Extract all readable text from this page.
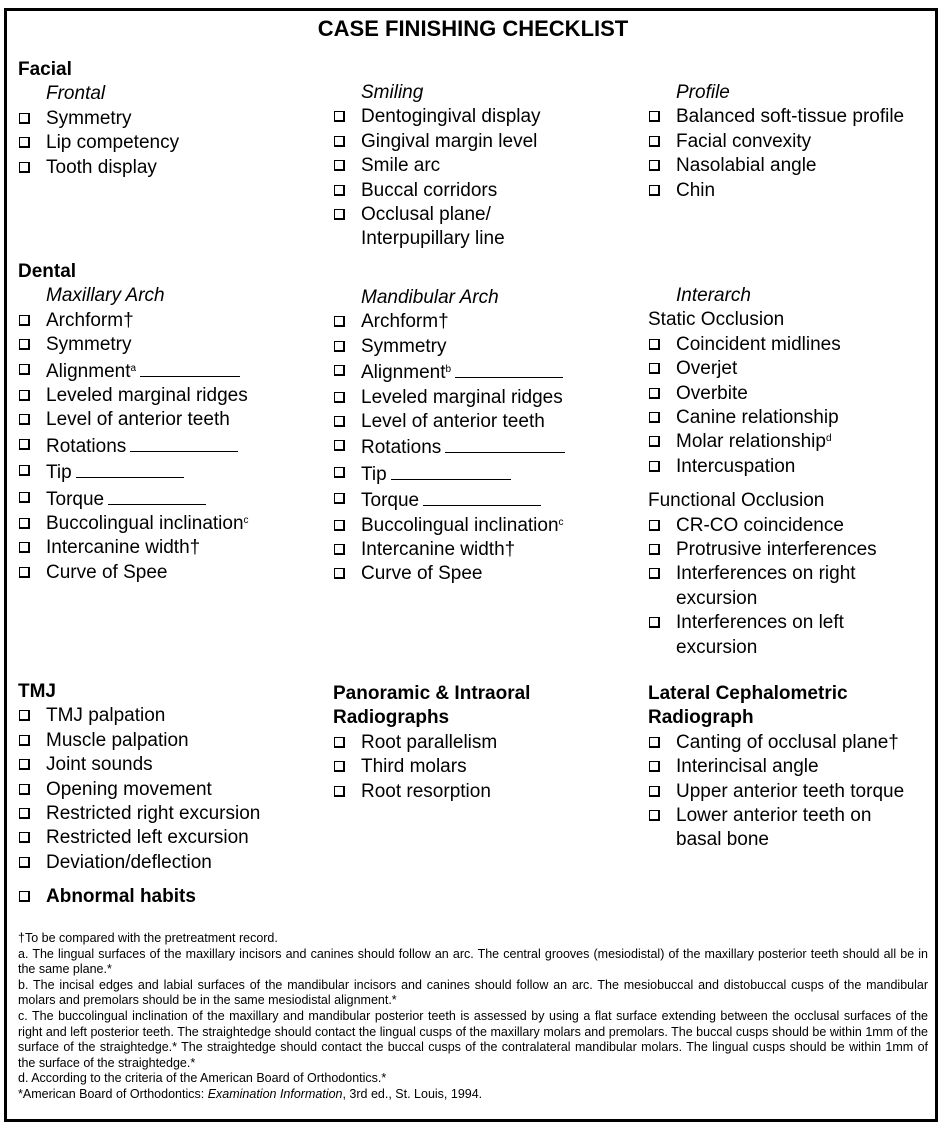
CASE FINISHING CHECKLIST
Facial
Frontal
Symmetry
Lip competency
Tooth display
Smiling
Dentogingival display
Gingival margin level
Smile arc
Buccal corridors
Occlusal plane/
Interpupillary line
Profile
Balanced soft-tissue profile
Facial convexity
Nasolabial angle
Chin
Dental
Maxillary Arch
Archform†
Symmetry
Alignment$^a$
Leveled marginal ridges
Level of anterior teeth
Rotations
Tip
Torque
Buccolingual inclination$^c$
Intercanine width†
Curve of Spee
Mandibular Arch
Archform†
Symmetry
Alignment$^b$
Leveled marginal ridges
Level of anterior teeth
Rotations
Tip
Torque
Buccolingual inclination$^c$
Intercanine width†
Curve of Spee
Interarch
Static Occlusion
Coincident midlines
Overjet
Overbite
Canine relationship
Molar relationship$^d$
Intercuspation
Functional Occlusion
CR-CO coincidence
Protrusive interferences
Interferences on right
excursion
Interferences on left
excursion
TMJ
TMJ palpation
Muscle palpation
Joint sounds
Opening movement
Restricted right excursion
Restricted left excursion
Deviation/deflection
Abnormal habits
Panoramic & Intraoral
Radiographs
Root parallelism
Third molars
Root resorption
Lateral Cephalometric
Radiograph
Canting of occlusal plane†
Interincisal angle
Upper anterior teeth torque
Lower anterior teeth on
basal bone

†To be compared with the pretreatment record.

a. The lingual surfaces of the maxillary incisors and canines should follow an arc. The central grooves (mesiodistal) of the maxillary posterior teeth should all be in the same plane.*

b. The incisal edges and labial surfaces of the mandibular incisors and canines should follow an arc. The mesiobuccal and distobuccal cusps of the mandibular molars and premolars should be in the same mesiodistal alignment.*

c. The buccolingual inclination of the maxillary and mandibular posterior teeth is assessed by using a flat surface extending between the occlusal surfaces of the right and left posterior teeth. The straightedge should contact the lingual cusps of the maxillary molars and premolars. The buccal cusps should be within 1mm of the surface of the straightedge.* The straightedge should contact the buccal cusps of the contralateral mandibular molars. The lingual cusps should be within 1mm of the surface of the straightedge.*

d. According to the criteria of the American Board of Orthodontics.*

*American Board of Orthodontics: Examination Information, 3rd ed., St. Louis, 1994.
